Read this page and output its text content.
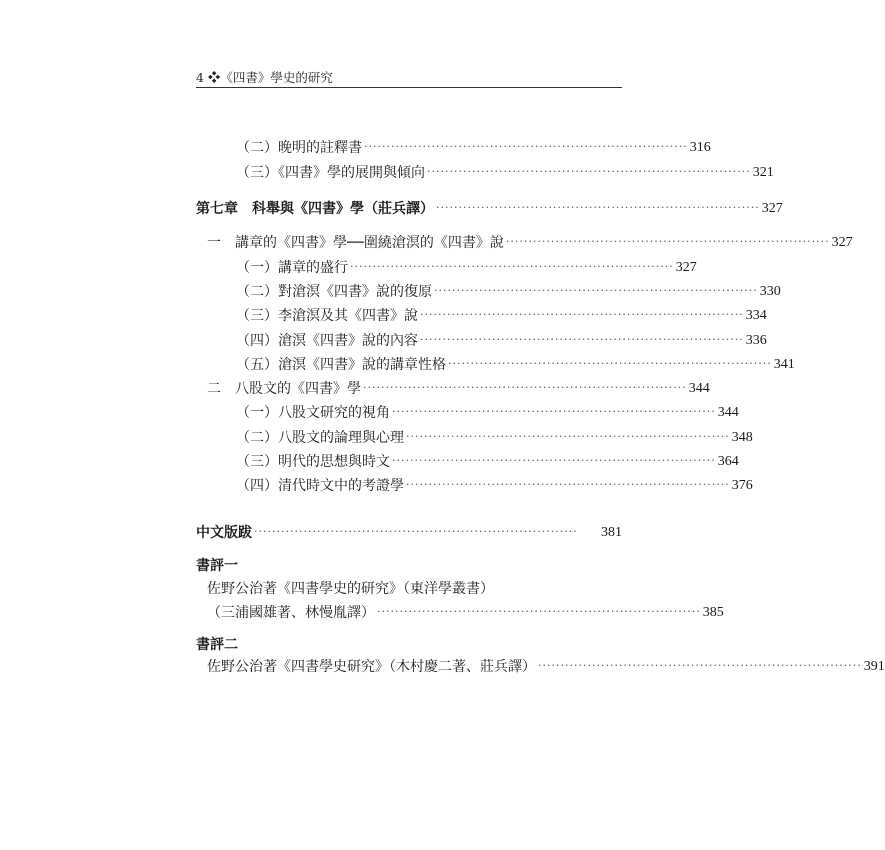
4 ❖《四書》學史的研究
（二）晚明的註釋書 ········································································ 316
（三）《四書》學的展開與傾向 ········································································ 321
第七章　科舉與《四書》學（莊兵譯） ········································································ 327
一　講章的《四書》學──圍繞滄溟的《四書》說 ········································································ 327
（一）講章的盛行 ········································································ 327
（二）對滄溟《四書》說的復原 ········································································ 330
（三）李滄溟及其《四書》說 ········································································ 334
（四）滄溟《四書》說的內容 ········································································ 336
（五）滄溟《四書》說的講章性格 ········································································ 341
二　八股文的《四書》學 ········································································ 344
（一）八股文研究的視角 ········································································ 344
（二）八股文的論理與心理 ········································································ 348
（三）明代的思想與時文 ········································································ 364
（四）清代時文中的考證學 ········································································ 376
中文版跋 ········································································	381
書評一
佐野公治著《四書學史的研究》（東洋學叢書）
（三浦國雄著、林慢胤譯） ········································································ 385
書評二
佐野公治著《四書學史研究》（木村慶二著、莊兵譯） ········································································ 391
